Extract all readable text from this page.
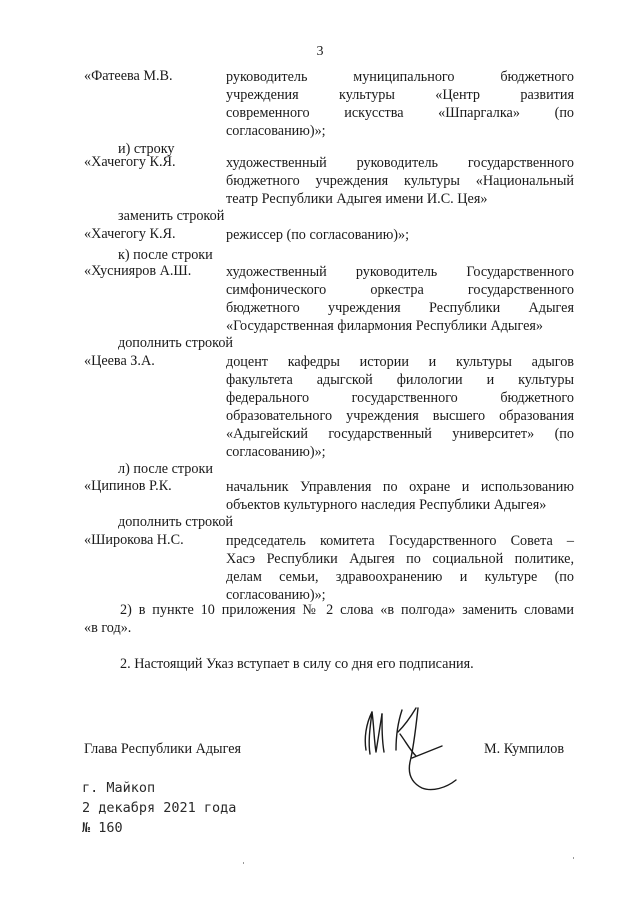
3
«Фатеева М.В.	руководитель муниципального бюджетного
учреждения культуры «Центр развития
современного искусства «Шпаргалка» (по
согласованию)»;
и) строку
«Хачегогу К.Я.	художественный руководитель государственного
бюджетного учреждения культуры «Национальный
театр Республики Адыгея имени И.С. Цея»
заменить строкой
«Хачегогу К.Я.	режиссер (по согласованию)»;
к) после строки
«Хуснияров А.Ш. художественный руководитель Государственного
симфонического оркестра государственного
бюджетного учреждения Республики Адыгея
«Государственная филармония Республики Адыгея»
дополнить строкой
«Цеева З.А.	доцент кафедры истории и культуры адыгов
факультета адыгской филологии и культуры
федерального государственного бюджетного
образовательного учреждения высшего образования
«Адыгейский государственный университет» (по
согласованию)»;
л) после строки
«Ципинов Р.К.	начальник Управления по охране и использованию
объектов культурного наследия Республики Адыгея»
дополнить строкой
«Широкова Н.С.	председатель комитета Государственного Совета –
Хасэ Республики Адыгея по социальной политике,
делам семьи, здравоохранению и культуре (по
согласованию)»;
2) в пункте 10 приложения № 2 слова «в полгода» заменить словами
«в год».
2. Настоящий Указ вступает в силу со дня его подписания.
Глава Республики Адыгея	М. Кумпилов
г. Майкоп
2 декабря 2021 года
№ 160
